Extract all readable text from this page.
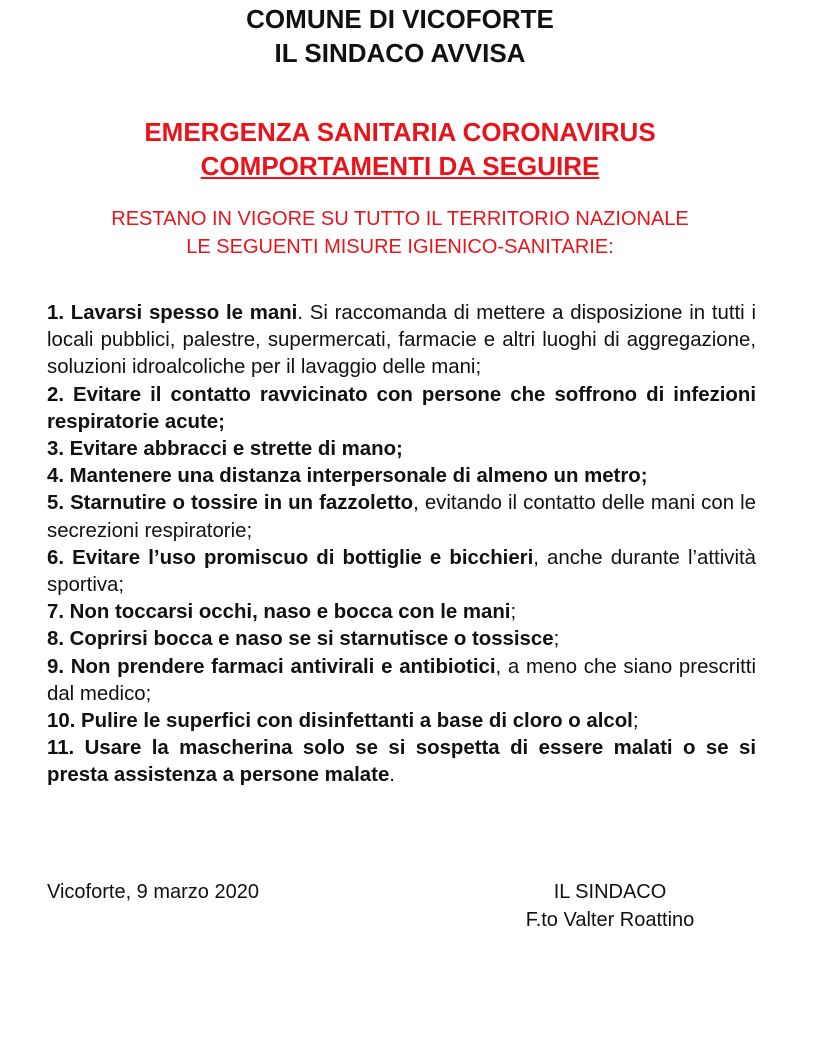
COMUNE DI VICOFORTE
IL SINDACO AVVISA
EMERGENZA SANITARIA CORONAVIRUS
COMPORTAMENTI DA SEGUIRE
RESTANO IN VIGORE SU TUTTO IL TERRITORIO NAZIONALE
LE SEGUENTI MISURE IGIENICO-SANITARIE:

1. Lavarsi spesso le mani. Si raccomanda di mettere a disposizione in tutti i locali pubblici, palestre, supermercati, farmacie e altri luoghi di aggregazione, soluzioni idroalcoliche per il lavaggio delle mani;

2. Evitare il contatto ravvicinato con persone che soffrono di infezioni respiratorie acute;

3. Evitare abbracci e strette di mano;

4. Mantenere una distanza interpersonale di almeno un metro;

5. Starnutire o tossire in un fazzoletto, evitando il contatto delle mani con le secrezioni respiratorie;

6. Evitare l’uso promiscuo di bottiglie e bicchieri, anche durante l’attività sportiva;

7. Non toccarsi occhi, naso e bocca con le mani;

8. Coprirsi bocca e naso se si starnutisce o tossisce;

9. Non prendere farmaci antivirali e antibiotici, a meno che siano prescritti dal medico;

10. Pulire le superfici con disinfettanti a base di cloro o alcol;

11. Usare la mascherina solo se si sospetta di essere malati o se si presta assistenza a persone malate.

Vicoforte, 9 marzo 2020	IL SINDACO
F.to Valter Roattino
